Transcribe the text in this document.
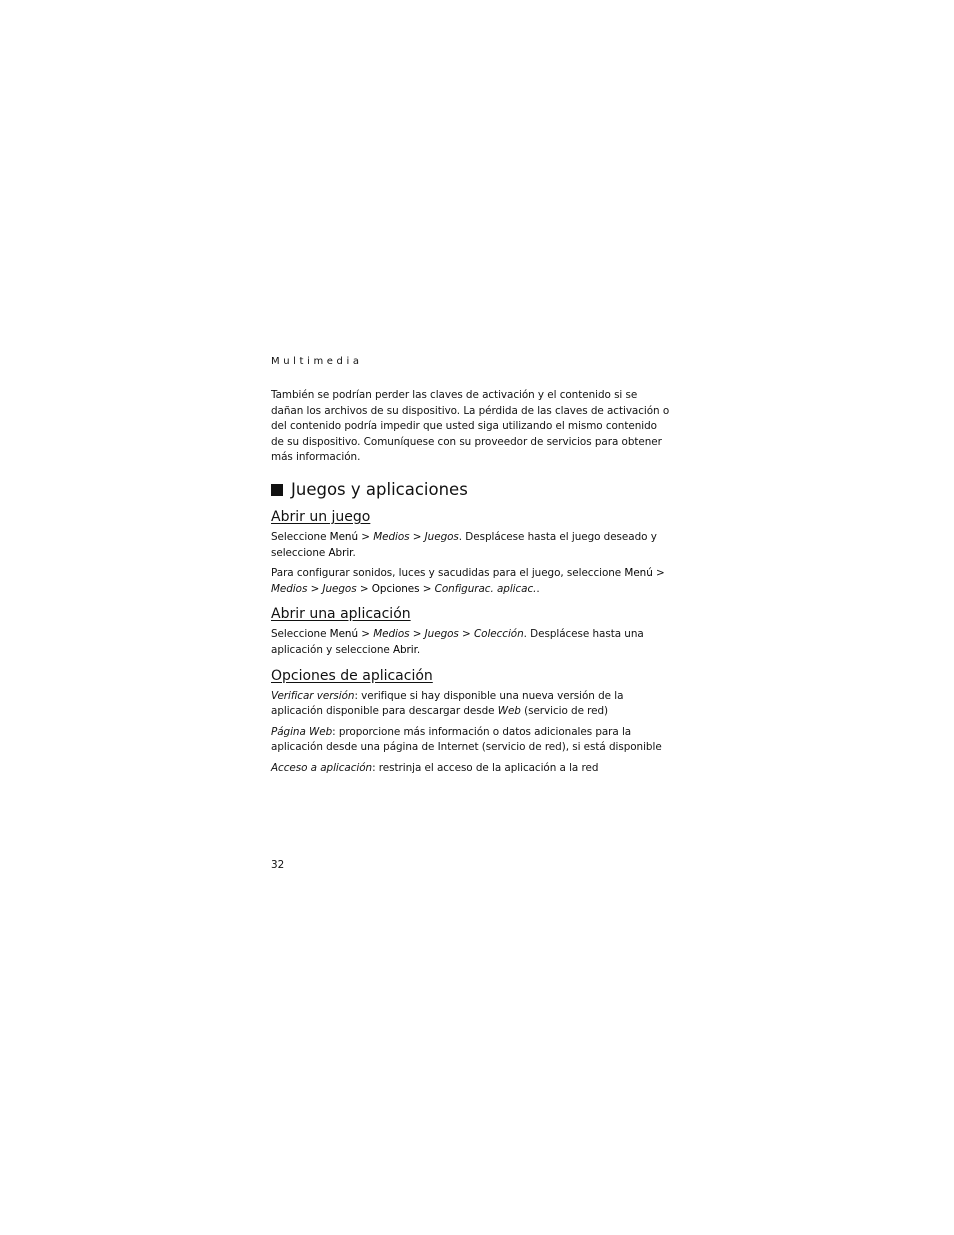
Multimedia

También se podrían perder las claves de activación y el contenido si se dañan los archivos de su dispositivo. La pérdida de las claves de activación o del contenido podría impedir que usted siga utilizando el mismo contenido de su dispositivo. Comuníquese con su proveedor de servicios para obtener más información.

Juegos y aplicaciones
Abrir un juego

Seleccione Menú > Medios > Juegos. Desplácese hasta el juego deseado y seleccione Abrir.

Para configurar sonidos, luces y sacudidas para el juego, seleccione Menú > Medios > Juegos > Opciones > Configurac. aplicac..

Abrir una aplicación

Seleccione Menú > Medios > Juegos > Colección. Desplácese hasta una aplicación y seleccione Abrir.

Opciones de aplicación

Verificar versión: verifique si hay disponible una nueva versión de la aplicación disponible para descargar desde Web (servicio de red)

Página Web: proporcione más información o datos adicionales para la aplicación desde una página de Internet (servicio de red), si está disponible

Acceso a aplicación: restrinja el acceso de la aplicación a la red

32
